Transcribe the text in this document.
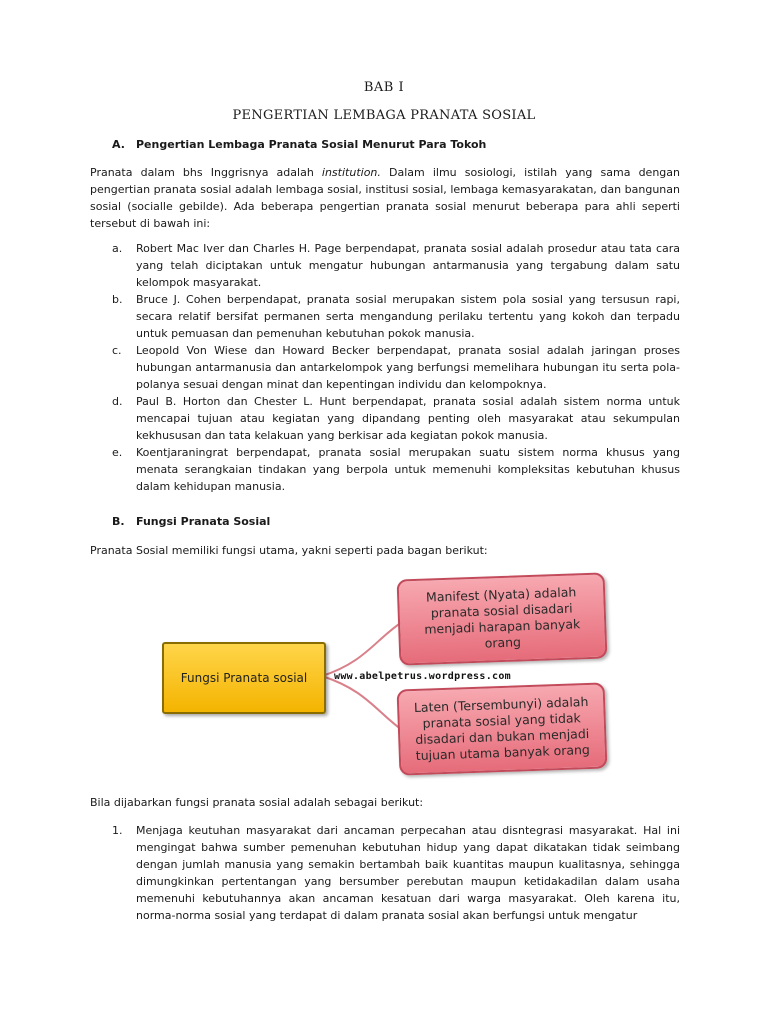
BAB I
PENGERTIAN LEMBAGA PRANATA SOSIAL
A. Pengertian Lembaga Pranata Sosial Menurut Para Tokoh
Pranata dalam bhs Inggrisnya adalah institution. Dalam ilmu sosiologi, istilah yang sama dengan pengertian pranata sosial adalah lembaga sosial, institusi sosial, lembaga kemasyarakatan, dan bangunan sosial (socialle gebilde). Ada beberapa pengertian pranata sosial menurut beberapa para ahli seperti tersebut di bawah ini:
a. Robert Mac Iver dan Charles H. Page berpendapat, pranata sosial adalah prosedur atau tata cara yang telah diciptakan untuk mengatur hubungan antarmanusia yang tergabung dalam satu kelompok masyarakat.
b. Bruce J. Cohen berpendapat, pranata sosial merupakan sistem pola sosial yang tersusun rapi, secara relatif bersifat permanen serta mengandung perilaku tertentu yang kokoh dan terpadu untuk pemuasan dan pemenuhan kebutuhan pokok manusia.
c. Leopold Von Wiese dan Howard Becker berpendapat, pranata sosial adalah jaringan proses hubungan antarmanusia dan antarkelompok yang berfungsi memelihara hubungan itu serta pola-polanya sesuai dengan minat dan kepentingan individu dan kelompoknya.
d. Paul B. Horton dan Chester L. Hunt berpendapat, pranata sosial adalah sistem norma untuk mencapai tujuan atau kegiatan yang dipandang penting oleh masyarakat atau sekumpulan kekhususan dan tata kelakuan yang berkisar ada kegiatan pokok manusia.
e. Koentjaraningrat berpendapat, pranata sosial merupakan suatu sistem norma khusus yang menata serangkaian tindakan yang berpola untuk memenuhi kompleksitas kebutuhan khusus dalam kehidupan manusia.
B. Fungsi Pranata Sosial
Pranata Sosial memiliki fungsi utama, yakni seperti pada bagan berikut:
Fungsi Pranata sosial
Manifest (Nyata) adalah pranata sosial disadari menjadi harapan banyak orang
Laten (Tersembunyi) adalah pranata sosial yang tidak disadari dan bukan menjadi tujuan utama banyak orang
www.abelpetrus.wordpress.com
Bila dijabarkan fungsi pranata sosial adalah sebagai berikut:
1. Menjaga keutuhan masyarakat dari ancaman perpecahan atau disntegrasi masyarakat. Hal ini mengingat bahwa sumber pemenuhan kebutuhan hidup yang dapat dikatakan tidak seimbang dengan jumlah manusia yang semakin bertambah baik kuantitas maupun kualitasnya, sehingga dimungkinkan pertentangan yang bersumber perebutan maupun ketidakadilan dalam usaha memenuhi kebutuhannya akan ancaman kesatuan dari warga masyarakat. Oleh karena itu, norma-norma sosial yang terdapat di dalam pranata sosial akan berfungsi untuk mengatur
